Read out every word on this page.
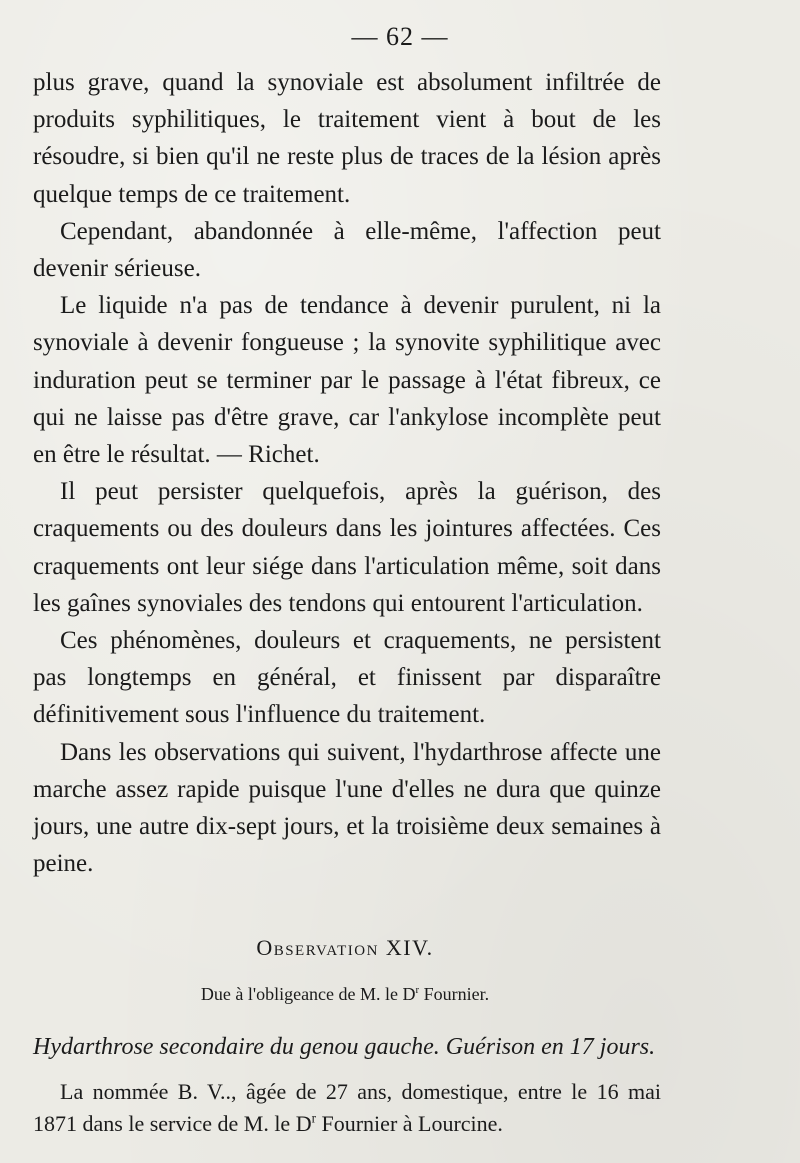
— 62 —

plus grave, quand la synoviale est absolument infiltrée de produits syphilitiques, le traitement vient à bout de les résoudre, si bien qu'il ne reste plus de traces de la lésion après quelque temps de ce traitement.

Cependant, abandonnée à elle-même, l'affection peut devenir sérieuse.

Le liquide n'a pas de tendance à devenir purulent, ni la synoviale à devenir fongueuse ; la synovite syphilitique avec induration peut se terminer par le passage à l'état fibreux, ce qui ne laisse pas d'être grave, car l'ankylose incomplète peut en être le résultat. — Richet.

Il peut persister quelquefois, après la guérison, des craquements ou des douleurs dans les jointures affectées. Ces craquements ont leur siége dans l'articulation même, soit dans les gaînes synoviales des tendons qui entourent l'articulation.

Ces phénomènes, douleurs et craquements, ne persistent pas longtemps en général, et finissent par disparaître définitivement sous l'influence du traitement.

Dans les observations qui suivent, l'hydarthrose affecte une marche assez rapide puisque l'une d'elles ne dura que quinze jours, une autre dix-sept jours, et la troisième deux semaines à peine.

Observation XIV.
Due à l'obligeance de M. le $D^r$ Fournier.
Hydarthrose secondaire du genou gauche. Guérison en 17 jours.

La nommée B. V.., âgée de 27 ans, domestique, entre le 16 mai 1871 dans le service de M. le $D^r$ Fournier à Lourcine.
